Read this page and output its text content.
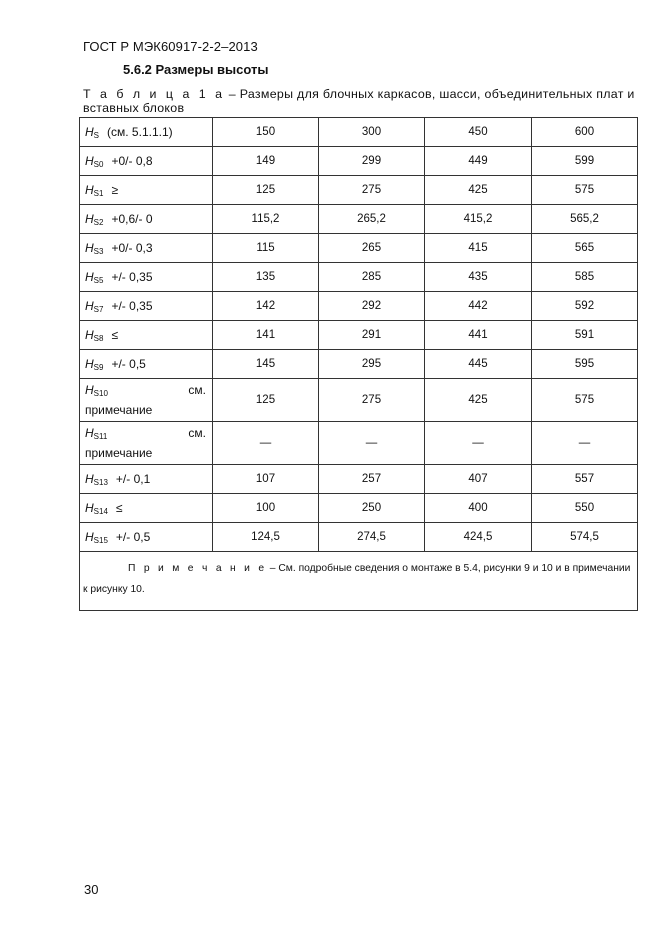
ГОСТ Р МЭК60917-2-2–2013
5.6.2 Размеры высоты
Т а б л и ц а 1 а – Размеры для блочных каркасов, шасси, объединительных плат и вставных блоков
$H_S$ (см. 5.1.1.1)	150	300	450	600
$H_{S0} +0/-$ 0,8	149	299	449	599
$H_{S1}$ ≥	125	275	425	575
$H_{S2} +0,6/-$ 0	115,2	265,2	415,2	565,2
$H_{S3} +0/-$ 0,3	115	265	415	565
$H_{S5}$ +/- 0,35	135	285	435	585
$H_{S7}$ +/- 0,35	142	292	442	592
$H_{S8}$ ≤	141	291	441	591
$H_{S9}$ +/- 0,5	145	295	445	595

$H_{S10}$ см.
примечание	125	275	425	575

$H_{S11}$ см.
примечание	—	—	—	—
$H_{S13}$ +/- 0,1	107	257	407	557
$H_{S14}$ ≤	100	250	400	550
$H_{S15}$ +/- 0,5	124,5	274,5	424,5	574,5
П р и м е ч а н и е – См. подробные сведения о монтаже в 5.4, рисунки 9 и 10 и в примечании к рисунку 10.				
30
